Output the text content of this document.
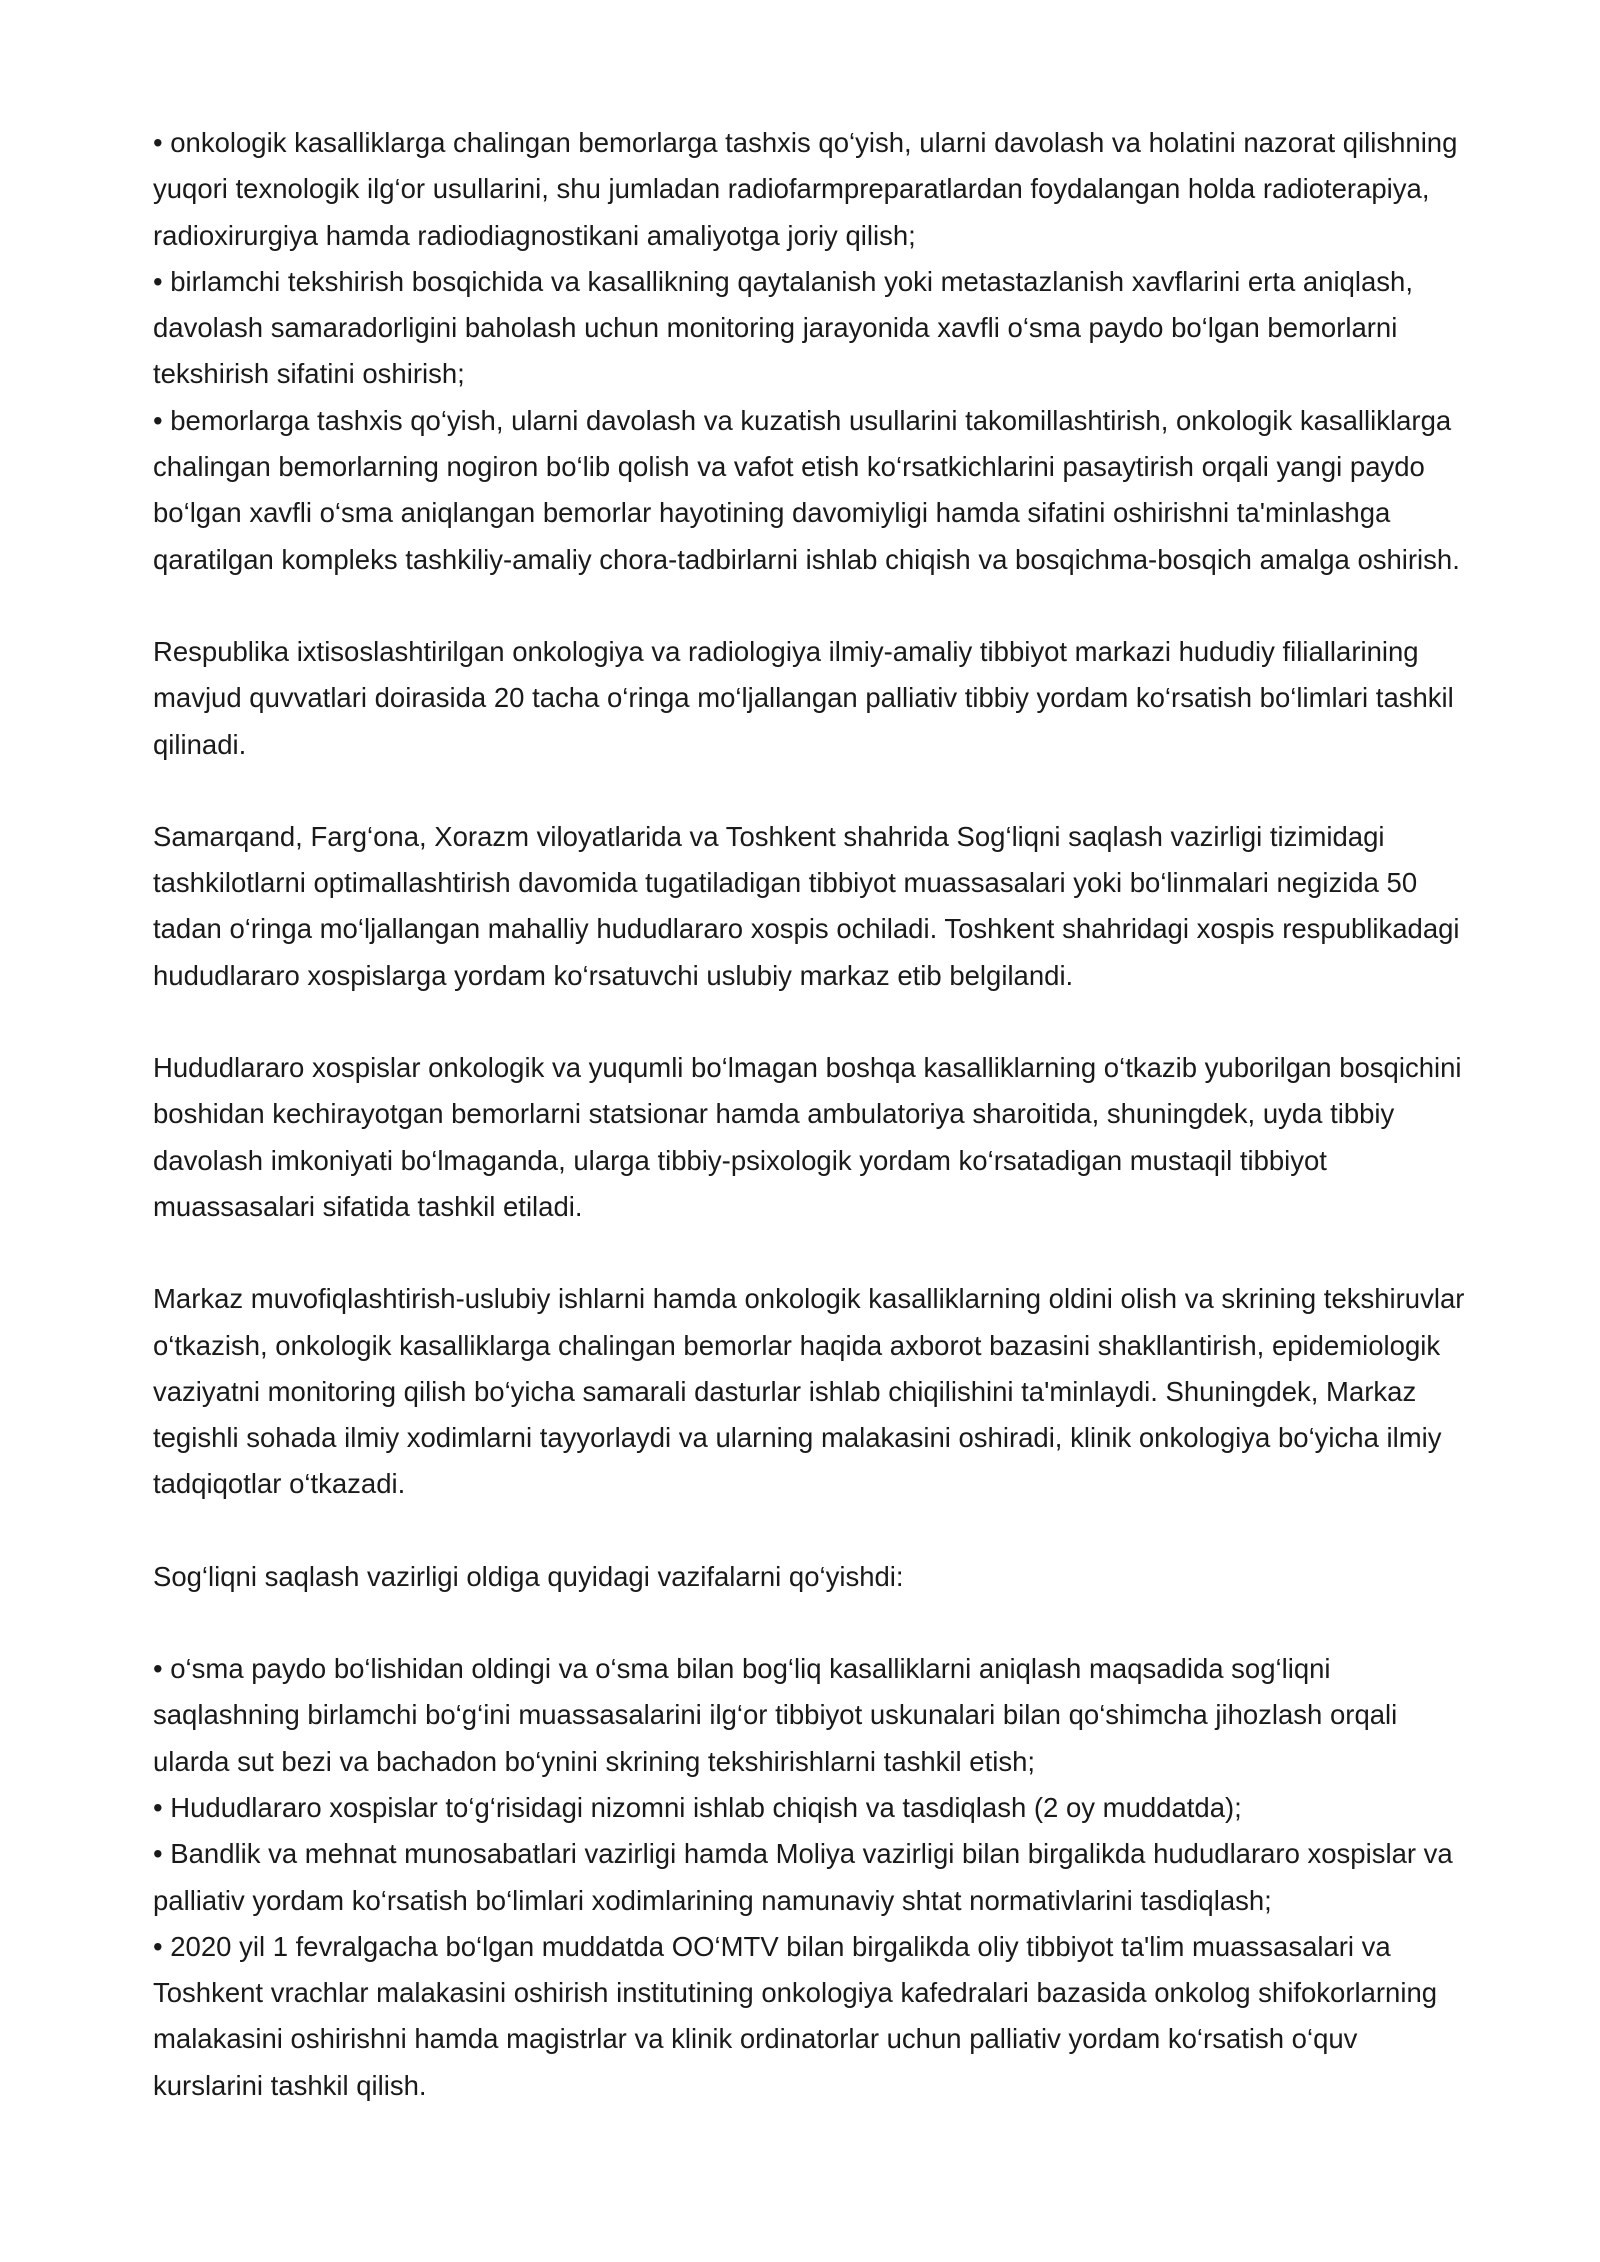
• onkologik kasalliklarga chalingan bemorlarga tashxis qo‘yish, ularni davolash va holatini nazorat qilishning
yuqori texnologik ilg‘or usullarini, shu jumladan radiofarmpreparatlardan foydalangan holda radioterapiya,
radioxirurgiya hamda radiodiagnostikani amaliyotga joriy qilish;
• birlamchi tekshirish bosqichida va kasallikning qaytalanish yoki metastazlanish xavflarini erta aniqlash,
davolash samaradorligini baholash uchun monitoring jarayonida xavfli o‘sma paydo bo‘lgan bemorlarni
tekshirish sifatini oshirish;
• bemorlarga tashxis qo‘yish, ularni davolash va kuzatish usullarini takomillashtirish, onkologik kasalliklarga
chalingan bemorlarning nogiron bo‘lib qolish va vafot etish ko‘rsatkichlarini pasaytirish orqali yangi paydo
bo‘lgan xavfli o‘sma aniqlangan bemorlar hayotining davomiyligi hamda sifatini oshirishni ta'minlashga
qaratilgan kompleks tashkiliy-amaliy chora-tadbirlarni ishlab chiqish va bosqichma-bosqich amalga oshirish.
Respublika ixtisoslashtirilgan onkologiya va radiologiya ilmiy-amaliy tibbiyot markazi hududiy filiallarining
mavjud quvvatlari doirasida 20 tacha o‘ringa mo‘ljallangan palliativ tibbiy yordam ko‘rsatish bo‘limlari tashkil
qilinadi.
Samarqand, Farg‘ona, Xorazm viloyatlarida va Toshkent shahrida Sog‘liqni saqlash vazirligi tizimidagi
tashkilotlarni optimallashtirish davomida tugatiladigan tibbiyot muassasalari yoki bo‘linmalari negizida 50
tadan o‘ringa mo‘ljallangan mahalliy hududlararo xospis ochiladi. Toshkent shahridagi xospis respublikadagi
hududlararo xospislarga yordam ko‘rsatuvchi uslubiy markaz etib belgilandi.
Hududlararo xospislar onkologik va yuqumli bo‘lmagan boshqa kasalliklarning o‘tkazib yuborilgan bosqichini
boshidan kechirayotgan bemorlarni statsionar hamda ambulatoriya sharoitida, shuningdek, uyda tibbiy
davolash imkoniyati bo‘lmaganda, ularga tibbiy-psixologik yordam ko‘rsatadigan mustaqil tibbiyot
muassasalari sifatida tashkil etiladi.
Markaz muvofiqlashtirish-uslubiy ishlarni hamda onkologik kasalliklarning oldini olish va skrining tekshiruvlar
o‘tkazish, onkologik kasalliklarga chalingan bemorlar haqida axborot bazasini shakllantirish, epidemiologik
vaziyatni monitoring qilish bo‘yicha samarali dasturlar ishlab chiqilishini ta'minlaydi. Shuningdek, Markaz
tegishli sohada ilmiy xodimlarni tayyorlaydi va ularning malakasini oshiradi, klinik onkologiya bo‘yicha ilmiy
tadqiqotlar o‘tkazadi.
Sog‘liqni saqlash vazirligi oldiga quyidagi vazifalarni qo‘yishdi:
• o‘sma paydo bo‘lishidan oldingi va o‘sma bilan bog‘liq kasalliklarni aniqlash maqsadida sog‘liqni
saqlashning birlamchi bo‘g‘ini muassasalarini ilg‘or tibbiyot uskunalari bilan qo‘shimcha jihozlash orqali
ularda sut bezi va bachadon bo‘ynini skrining tekshirishlarni tashkil etish;
• Hududlararo xospislar to‘g‘risidagi nizomni ishlab chiqish va tasdiqlash (2 oy muddatda);
• Bandlik va mehnat munosabatlari vazirligi hamda Moliya vazirligi bilan birgalikda hududlararo xospislar va
palliativ yordam ko‘rsatish bo‘limlari xodimlarining namunaviy shtat normativlarini tasdiqlash;
• 2020 yil 1 fevralgacha bo‘lgan muddatda OO‘MTV bilan birgalikda oliy tibbiyot ta'lim muassasalari va
Toshkent vrachlar malakasini oshirish institutining onkologiya kafedralari bazasida onkolog shifokorlarning
malakasini oshirishni hamda magistrlar va klinik ordinatorlar uchun palliativ yordam ko‘rsatish o‘quv
kurslarini tashkil qilish.
